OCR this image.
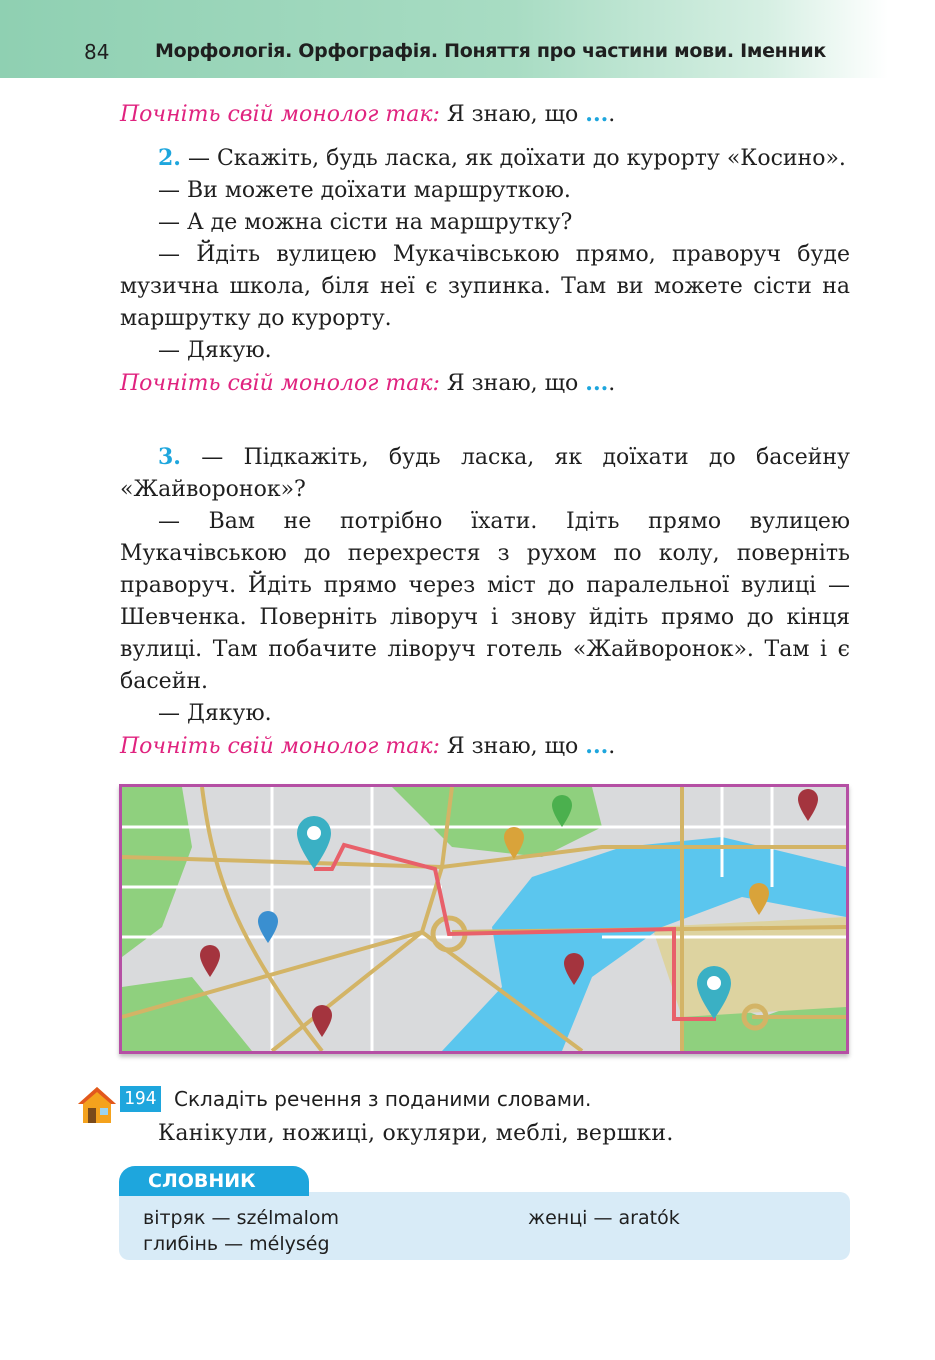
84 Морфологія. Орфографія. Поняття про частини мови. Іменник

Почніть свій монолог так: Я знаю, що ....

2. — Скажіть, будь ласка, як доїхати до курорту «Косино».

— Ви можете доїхати маршруткою.

— А де можна сісти на маршрутку?

— Йдіть вулицею Мукачівською прямо, праворуч буде музична школа, біля неї є зупинка. Там ви можете сісти на маршрутку до курорту.

— Дякую.

Почніть свій монолог так: Я знаю, що ....

3. — Підкажіть, будь ласка, як доїхати до басейну «Жайворонок»?

— Вам не потрібно їхати. Ідіть прямо вулицею Мукачівською до перехрестя з рухом по колу, поверніть праворуч. Йдіть прямо через міст до паралельної вулиці — Шевченка. Поверніть ліворуч і знову йдіть прямо до кінця вулиці. Там побачите ліворуч готель «Жайворонок». Там і є басейн.

— Дякую.

Почніть свій монолог так: Я знаю, що ....

194 Складіть речення з поданими словами.
Канікули, ножиці, окуляри, меблі, вершки.
СЛОВНИК
вітряк — szélmalom	женці — aratók
глибінь — mélység
